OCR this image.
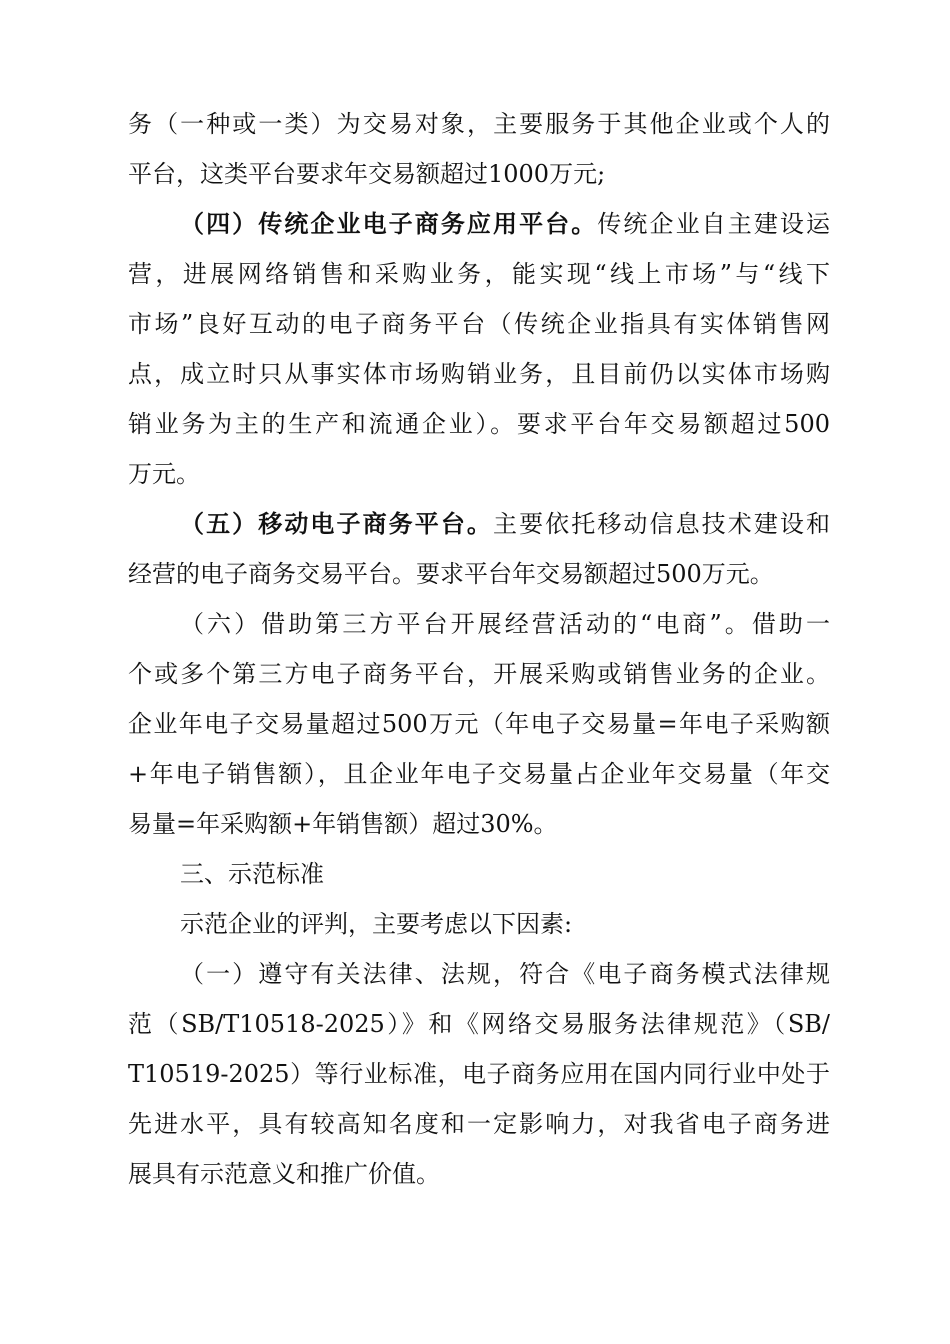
务（一种或一类）为交易对象，主要服务于其他企业或个人的
平台，这类平台要求年交易额超过1000万元;
（四）传统企业电子商务应用平台。传统企业自主建设运
营，进展网络销售和采购业务，能实现“线上市场”与“线下
市场”良好互动的电子商务平台（传统企业指具有实体销售网
点，成立时只从事实体市场购销业务，且目前仍以实体市场购
销业务为主的生产和流通企业）。要求平台年交易额超过500
万元。
（五）移动电子商务平台。主要依托移动信息技术建设和
经营的电子商务交易平台。要求平台年交易额超过500万元。
（六）借助第三方平台开展经营活动的“电商”。借助一
个或多个第三方电子商务平台，开展采购或销售业务的企业。
企业年电子交易量超过500万元（年电子交易量=年电子采购额
+年电子销售额），且企业年电子交易量占企业年交易量（年交
易量=年采购额+年销售额）超过30%。
三、示范标准
示范企业的评判，主要考虑以下因素:
（一）遵守有关法律、法规，符合《电子商务模式法律规
范（SB/T10518-2025）》和《网络交易服务法律规范》（SB/
T10519-2025）等行业标准，电子商务应用在国内同行业中处于
先进水平，具有较高知名度和一定影响力，对我省电子商务进
展具有示范意义和推广价值。
